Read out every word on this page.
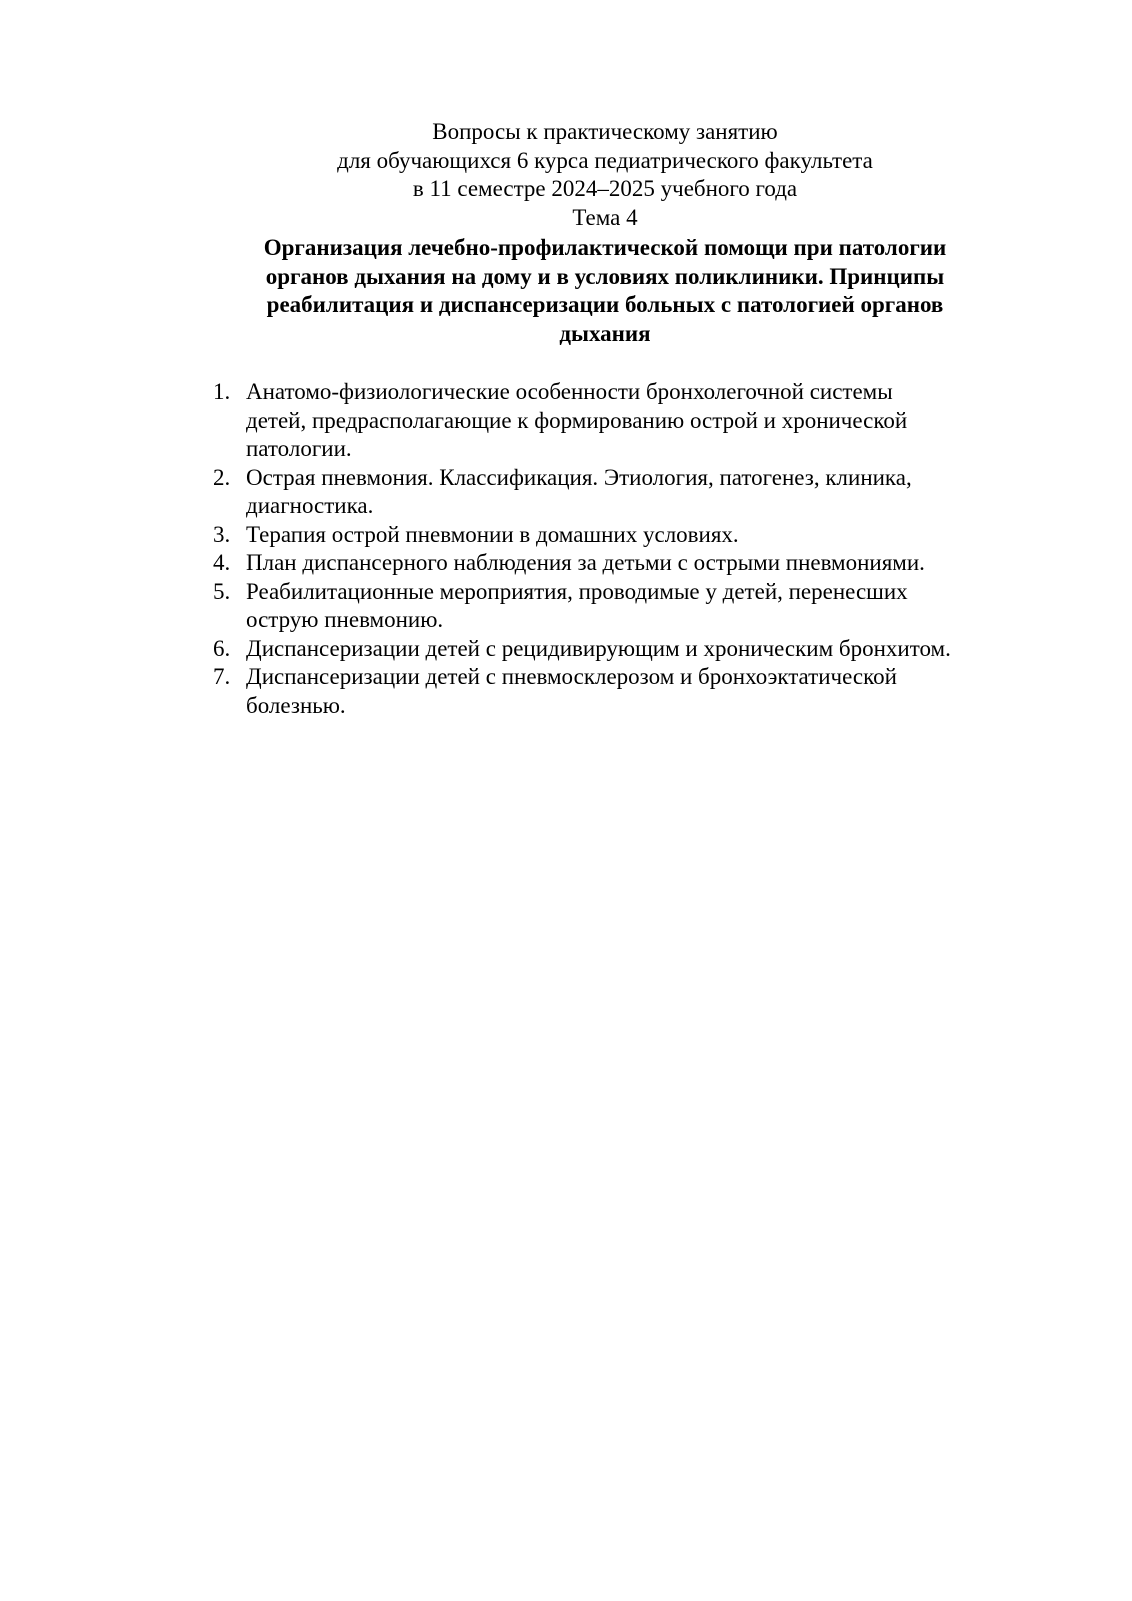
Вопросы к практическому занятию
для обучающихся 6 курса педиатрического факультета
в 11 семестре 2024–2025 учебного года
Тема 4
Организация лечебно-профилактической помощи при патологии
органов дыхания на дому и в условиях поликлиники. Принципы
реабилитация и диспансеризации больных с патологией органов
дыхания
1. Анатомо-физиологические особенности бронхолегочной системы
детей, предрасполагающие к формированию острой и хронической
патологии.
2. Острая пневмония. Классификация. Этиология, патогенез, клиника,
диагностика.
3. Терапия острой пневмонии в домашних условиях.
4. План диспансерного наблюдения за детьми с острыми пневмониями.
5. Реабилитационные мероприятия, проводимые у детей, перенесших
острую пневмонию.
6. Диспансеризации детей с рецидивирующим и хроническим бронхитом.
7. Диспансеризации детей с пневмосклерозом и бронхоэктатической
болезнью.
